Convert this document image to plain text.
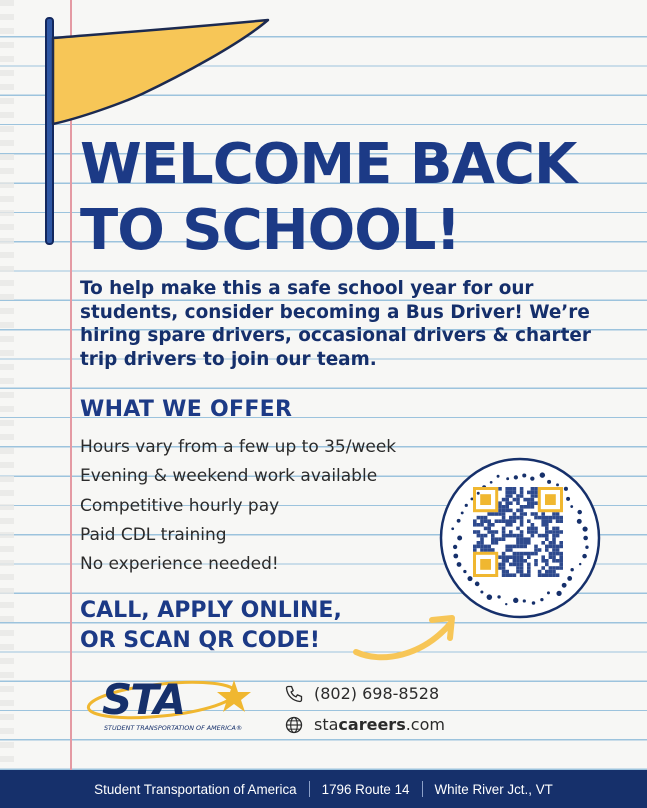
WELCOME BACK
TO SCHOOL!
To help make this a safe school year for our students, consider becoming a Bus Driver! We’re hiring spare drivers, occasional drivers & charter trip drivers to join our team.
WHAT WE OFFER
Hours vary from a few up to 35/week
Evening & weekend work available
Competitive hourly pay
Paid CDL training
No experience needed!
CALL, APPLY ONLINE,
OR SCAN QR CODE!
STA
STUDENT TRANSPORTATION OF AMERICA®
(802) 698-8528
stacareers.com
Student Transportation of America 1796 Route 14 White River Jct., VT
